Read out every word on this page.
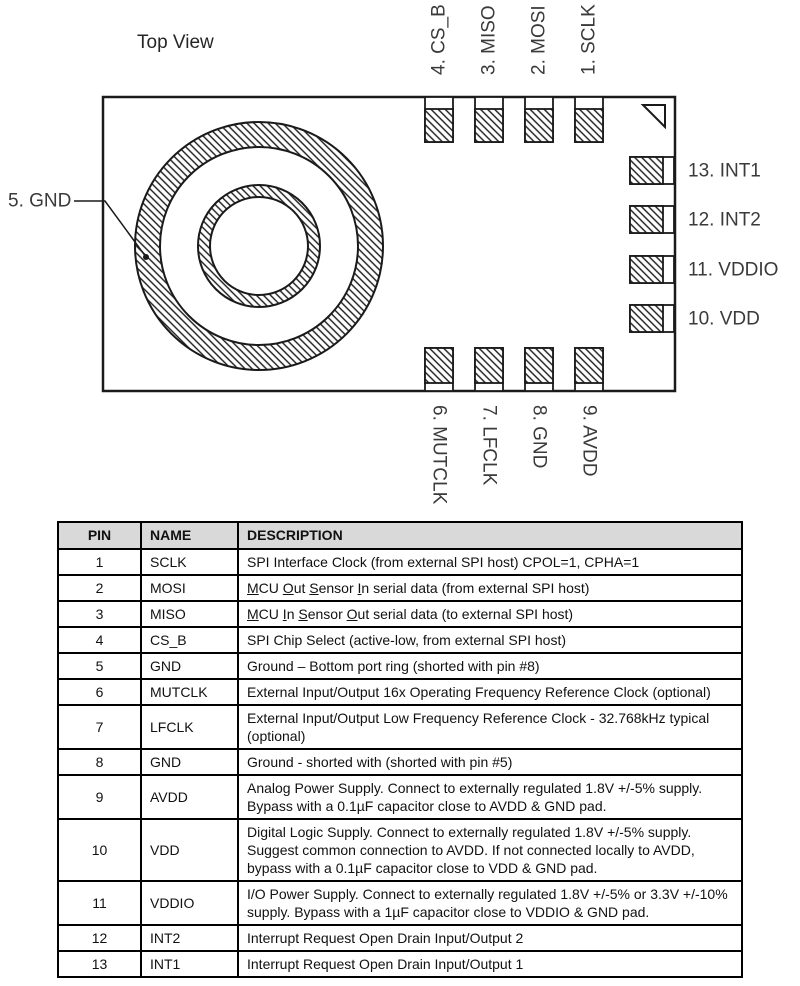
Top View	4. CS_B 3. MISO 2. MOSI 1. SCLK
13. INT1
12. INT2
11. VDDIO
10. VDD
6. MUTCLK 7. LFCLK 8. GND 9. AVDD
5. GND
PIN	NAME	DESCRIPTION
1	SCLK	SPI Interface Clock (from external SPI host) CPOL=1, CPHA=1
2	MOSI	MCU Out Sensor In serial data (from external SPI host)
3	MISO	MCU In Sensor Out serial data (to external SPI host)
4	CS_B	SPI Chip Select (active-low, from external SPI host)
5	GND	Ground – Bottom port ring (shorted with pin #8)
6	MUTCLK	External Input/Output 16x Operating Frequency Reference Clock (optional)
7	LFCLK	External Input/Output Low Frequency Reference Clock - 32.768kHz typical (optional)
8	GND	Ground - shorted with (shorted with pin #5)
9	AVDD	Analog Power Supply. Connect to externally regulated 1.8V +/-5% supply. Bypass with a 0.1µF capacitor close to AVDD & GND pad.
10	VDD	Digital Logic Supply. Connect to externally regulated 1.8V +/-5% supply. Suggest common connection to AVDD. If not connected locally to AVDD, bypass with a 0.1µF capacitor close to VDD & GND pad.
11	VDDIO	I/O Power Supply. Connect to externally regulated 1.8V +/-5% or 3.3V +/-10% supply. Bypass with a 1µF capacitor close to VDDIO & GND pad.
12	INT2	Interrupt Request Open Drain Input/Output 2
13	INT1	Interrupt Request Open Drain Input/Output 1
